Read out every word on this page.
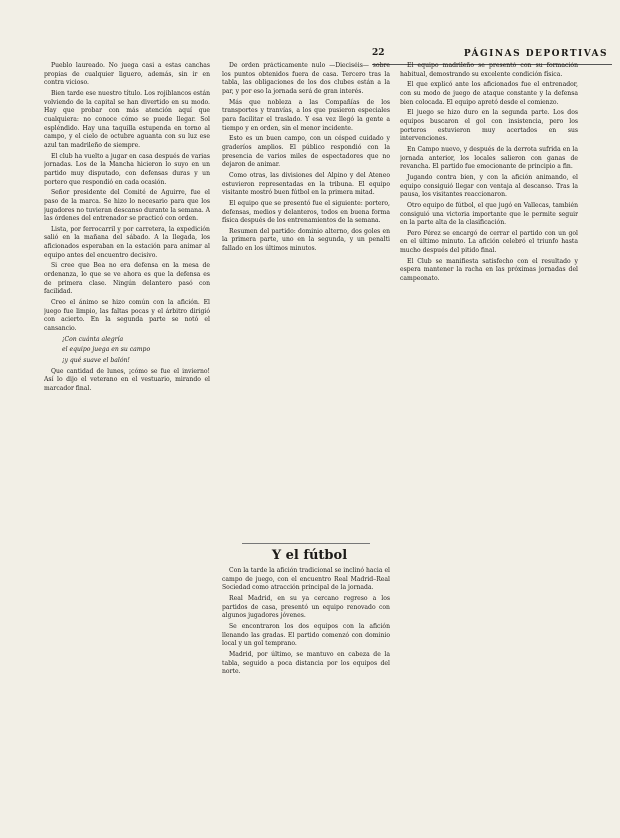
22	PÁGINAS DEPORTIVAS

Pueblo laureado. No juega casi a estas canchas propias de cualquier liguero, además, sin ir en contra vicioso.

Bien tarde ese nuestro título. Los rojiblancos están volviendo de la capital se han divertido en su modo. Hay que probar con más atención aquí que cualquiera: no conoce cómo se puede llegar. Sol espléndido. Hay una taquilla estupenda en torno al campo, y el cielo de octubre aguanta con su luz ese azul tan madrileño de siempre.

El club ha vuelto a jugar en casa después de varias jornadas. Los de la Mancha hicieron lo suyo en un partido muy disputado, con defensas duras y un portero que respondió en cada ocasión.

Señor presidente del Comité de Aguirre, fue el paso de la marca. Se hizo lo necesario para que los jugadores no tuvieran descanso durante la semana. A las órdenes del entrenador se practicó con orden.

Lista, por ferrocarril y por carretera, la expedición salió en la mañana del sábado. A la llegada, los aficionados esperaban en la estación para animar al equipo antes del encuentro decisivo.

Si cree que Bea no era defensa en la mesa de ordenanza, lo que se ve ahora es que la defensa es de primera clase. Ningún delantero pasó con facilidad.

Creo el ánimo se hizo común con la afición. El juego fue limpio, las faltas pocas y el árbitro dirigió con acierto. En la segunda parte se notó el cansancio.

¡Con cuánta alegría

el equipo juega en su campo

¡y qué suave el balón!

Que cantidad de lunes, ¡cómo se fue el invierno! Así lo dijo el veterano en el vestuario, mirando el marcador final.

De orden prácticamente nulo —Dieciséis— sobre los puntos obtenidos fuera de casa. Tercero tras la tabla, las obligaciones de los dos clubes están a la par, y por eso la jornada será de gran interés.

Más que nobleza a las Compañías de los transportes y tranvías, a los que pusieron especiales para facilitar el traslado. Y esa vez llegó la gente a tiempo y en orden, sin el menor incidente.

Esto es un buen campo, con un césped cuidado y graderíos amplios. El público respondió con la presencia de varios miles de espectadores que no dejaron de animar.

Como otras, las divisiones del Alpino y del Ateneo estuvieron representadas en la tribuna. El equipo visitante mostró buen fútbol en la primera mitad.

El equipo que se presentó fue el siguiente: portero, defensas, medios y delanteros, todos en buena forma física después de los entrenamientos de la semana.

Resumen del partido: dominio alterno, dos goles en la primera parte, uno en la segunda, y un penalti fallado en los últimos minutos.

Y el fútbol

Con la tarde la afición tradicional se inclinó hacia el campo de juego, con el encuentro Real Madrid–Real Sociedad como atracción principal de la jornada.

Real Madrid, en su ya cercano regreso a los partidos de casa, presentó un equipo renovado con algunos jugadores jóvenes.

Se encontraron los dos equipos con la afición llenando las gradas. El partido comenzó con dominio local y un gol temprano.

Madrid, por último, se mantuvo en cabeza de la tabla, seguido a poca distancia por los equipos del norte.

El equipo madrileño se presentó con su formación habitual, demostrando su excelente condición física.

El que explicó ante los aficionados fue el entrenador, con su modo de juego de ataque constante y la defensa bien colocada. El equipo apretó desde el comienzo.

El juego se hizo duro en la segunda parte. Los dos equipos buscaron el gol con insistencia, pero los porteros estuvieron muy acertados en sus intervenciones.

En Campo nuevo, y después de la derrota sufrida en la jornada anterior, los locales salieron con ganas de revancha. El partido fue emocionante de principio a fin.

Jugando contra bien, y con la afición animando, el equipo consiguió llegar con ventaja al descanso. Tras la pausa, los visitantes reaccionaron.

Otro equipo de fútbol, el que jugó en Vallecas, también consiguió una victoria importante que le permite seguir en la parte alta de la clasificación.

Pero Pérez se encargó de cerrar el partido con un gol en el último minuto. La afición celebró el triunfo hasta mucho después del pitido final.

El Club se manifiesta satisfecho con el resultado y espera mantener la racha en las próximas jornadas del campeonato.
